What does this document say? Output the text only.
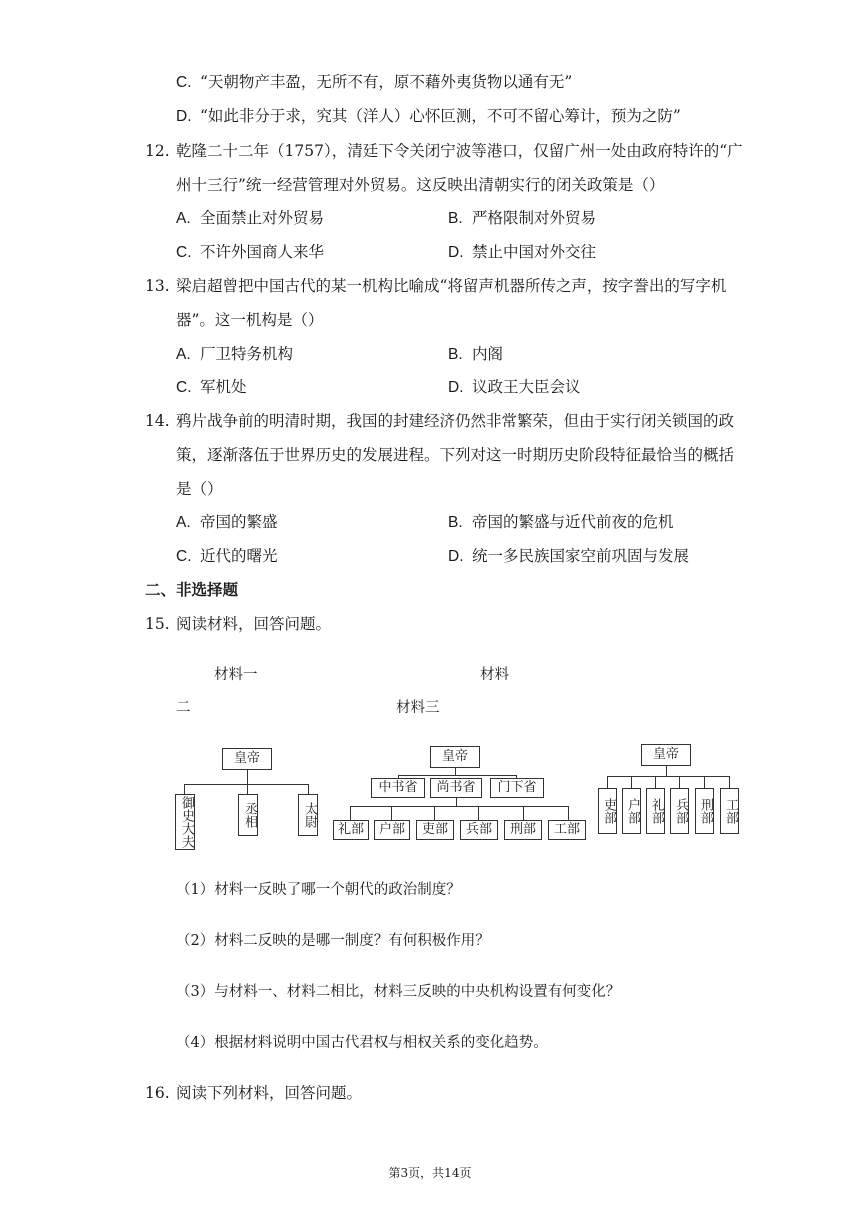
C. “天朝物产丰盈，无所不有，原不藉外夷货物以通有无”
D. “如此非分于求，究其（洋人）心怀叵测，不可不留心筹计，预为之防”
12. 乾隆二十二年（1757），清廷下令关闭宁波等港口，仅留广州一处由政府特许的“广
州十三行”统一经营管理对外贸易。这反映出清朝实行的闭关政策是（）
A. 全面禁止对外贸易	B. 严格限制对外贸易
C. 不许外国商人来华	D. 禁止中国对外交往
13. 梁启超曾把中国古代的某一机构比喻成“将留声机器所传之声，按字誊出的写字机
器”。这一机构是（）
A. 厂卫特务机构	B. 内阁
C. 军机处	D. 议政王大臣会议
14. 鸦片战争前的明清时期，我国的封建经济仍然非常繁荣，但由于实行闭关锁国的政
策，逐渐落伍于世界历史的发展进程。下列对这一时期历史阶段特征最恰当的概括
是（）
A. 帝国的繁盛	B. 帝国的繁盛与近代前夜的危机
C. 近代的曙光	D. 统一多民族国家空前巩固与发展
二、非选择题
15. 阅读材料，回答问题。
材料一	材料
二	材料三
皇帝
御史大夫	丞相	太尉
皇帝
中书省	尚书省	门下省
礼部	户部	吏部	兵部	刑部	工部
皇帝
吏部 户部 礼部 兵部 刑部 工部
（1）材料一反映了哪一个朝代的政治制度？
（2）材料二反映的是哪一制度？有何积极作用？
（3）与材料一、材料二相比，材料三反映的中央机构设置有何变化？
（4）根据材料说明中国古代君权与相权关系的变化趋势。
16. 阅读下列材料，回答问题。
第3页，共14页
